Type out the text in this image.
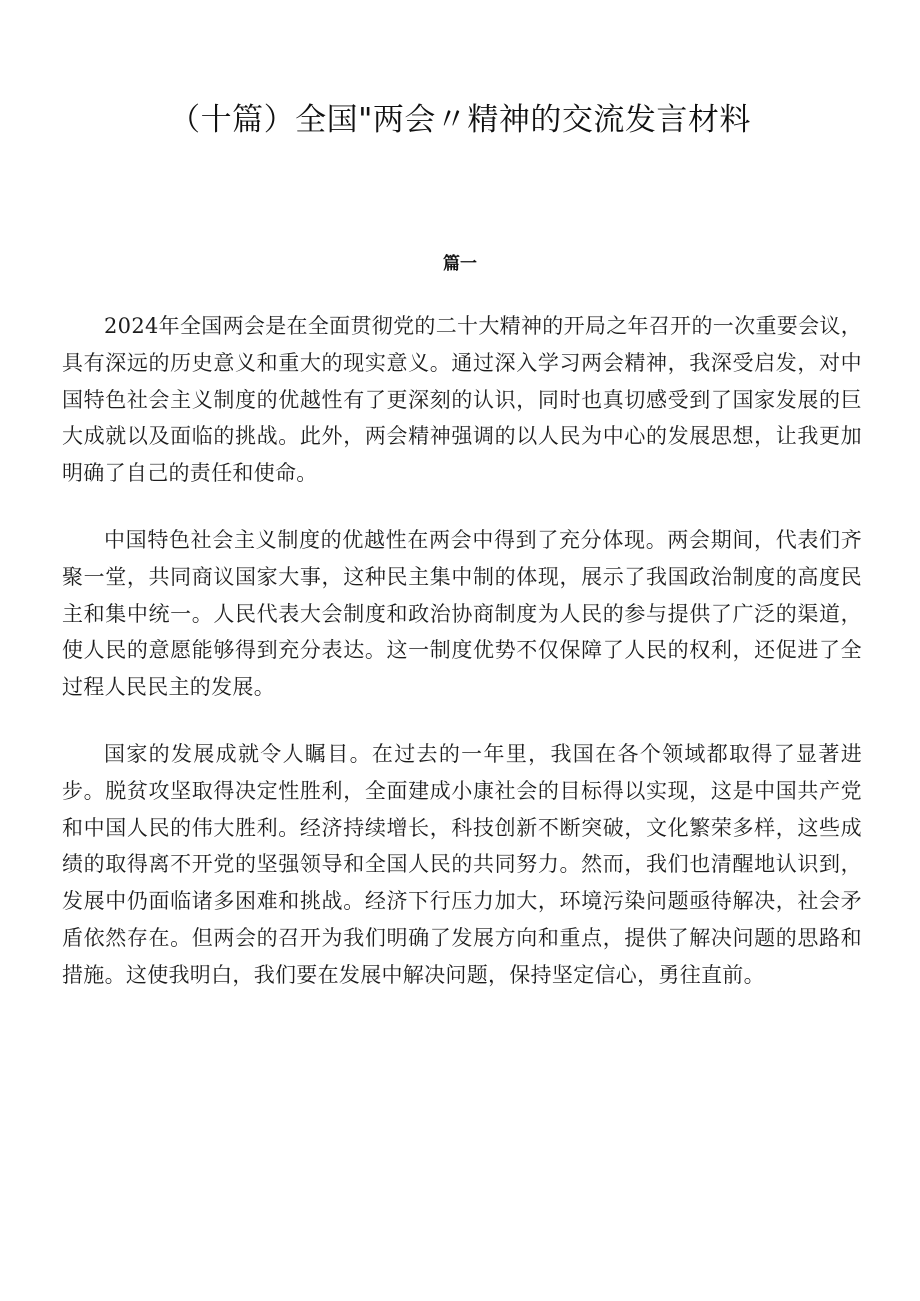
（十篇）全国"两会〃精神的交流发言材料
篇一

2024年全国两会是在全面贯彻党的二十大精神的开局之年召开的一次重要会议，具有深远的历史意义和重大的现实意义。通过深入学习两会精神，我深受启发，对中国特色社会主义制度的优越性有了更深刻的认识，同时也真切感受到了国家发展的巨大成就以及面临的挑战。此外，两会精神强调的以人民为中心的发展思想，让我更加明确了自己的责任和使命。

中国特色社会主义制度的优越性在两会中得到了充分体现。两会期间，代表们齐聚一堂，共同商议国家大事，这种民主集中制的体现，展示了我国政治制度的高度民主和集中统一。人民代表大会制度和政治协商制度为人民的参与提供了广泛的渠道，使人民的意愿能够得到充分表达。这一制度优势不仅保障了人民的权利，还促进了全过程人民民主的发展。

国家的发展成就令人瞩目。在过去的一年里，我国在各个领域都取得了显著进步。脱贫攻坚取得决定性胜利，全面建成小康社会的目标得以实现，这是中国共产党和中国人民的伟大胜利。经济持续增长，科技创新不断突破，文化繁荣多样，这些成绩的取得离不开党的坚强领导和全国人民的共同努力。然而，我们也清醒地认识到，发展中仍面临诸多困难和挑战。经济下行压力加大，环境污染问题亟待解决，社会矛盾依然存在。但两会的召开为我们明确了发展方向和重点，提供了解决问题的思路和措施。这使我明白，我们要在发展中解决问题，保持坚定信心，勇往直前。
